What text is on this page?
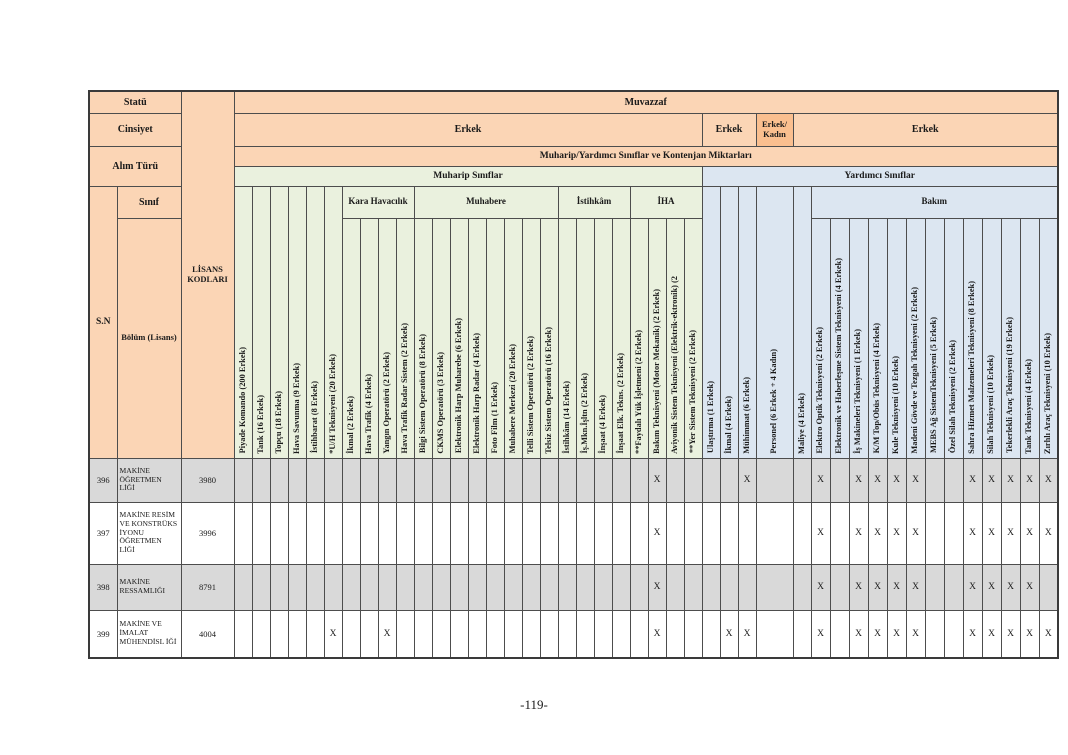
Statü		LİSANS KODLARI	Muvazzaf																																											
Cinsiyet			Erkek																										Erkek			Erkek/ Kadın	Erkek													
Alım Türü			Muharip/Yardımcı Sınıflar ve Kontenjan Miktarları																																											
			Muharip Sınıflar																										Yardımcı Sınıflar																	
S.N	Sınıf		Piyade Komando (200 Erkek)	Tank (16 Erkek)	Topçu (18 Erkek)	Hava Savunma (9 Erkek)	İstihbarat (8 Erkek)	*U/H Teknisyeni (20 Erkek)	Kara Havacılık				Muhabere								İstihkâm				İHA				Ulaştırma (1 Erkek)	İkmal (4 Erkek)	Mühimmat (6 Erkek)	Personel (6 Erkek + 4 Kadın)	Maliye (4 Erkek)	Bakım												
	Bölüm (Lisans)								İkmal (2 Erkek)	Hava Trafik (4 Erkek)	Yangın Operatörü (2 Erkek)	Hava Trafik Radar Sistem (2 Erkek)	Bilgi Sistem Operatörü (8 Erkek)	CKMS Operatörü (3 Erkek)	Elektronik Harp Muharebe (6 Erkek)	Elektronik Harp Radar (4 Erkek)	Foto Film (1 Erkek)	Muhabere Merkezi (20 Erkek)	Telli Sistem Operatörü (2 Erkek)	Telsiz Sistem Operatörü (16 Erkek)	İstihkâm (14 Erkek)	İş.Mkn.İşltn (2 Erkek)	İnşaat (4 Erkek)	İnşaat Elk. Tekns. (2 Erkek)	**Faydalı Yük İşletmeni (2 Erkek)	Bakım Teknisyeni (Motor Mekanik) (2 Erkek)	Aviyonik Sistem Teknisyeni (Elektrik-ektronik) (2	**Yer Sistem Teknisyeni (2 Erkek)						Elektro Optik Teknisyeni (2 Erkek)	Elektronik ve Haberleşme Sistem Teknisyeni (4 Erkek)	İş Makineleri Teknisyeni (1 Erkek)	K/M Top/Obüs Teknisyeni (4 Erkek)	Kule Teknisyeni (10 Erkek)	Madeni Gövde ve Tezgah Teknisyeni (2 Erkek)	MEBS Ağ SistemTeknisyeni (5 Erkek)	Özel Silah Teknisyeni (2 Erkek)	Sahra Hizmet Malzemeleri Teknisyeni (8 Erkek)	Silah Teknisyeni (10 Erkek)	Tekerlekli Araç Teknisyeni (19 Erkek)	Tank Teknisyeni (4 Erkek)	Zırhlı Araç Teknisyeni (10 Erkek)

396	MAKİNE ÖĞRETMEN LİĞİ	3980																								X					X			X		X	X	X	X			X	X	X	X	X
397	MAKİNE RESİM VE KONSTRÜKS İYONU ÖĞRETMEN LİĞİ	3996																								X								X		X	X	X	X			X	X	X	X	X
398	MAKİNE RESSAMLIĞI	8791																								X								X		X	X	X	X			X	X	X	X	
399	MAKİNE VE İMALAT MÜHENDİSL İĞİ	4004						X			X															X				X	X			X		X	X	X	X			X	X	X	X	X
-119-
